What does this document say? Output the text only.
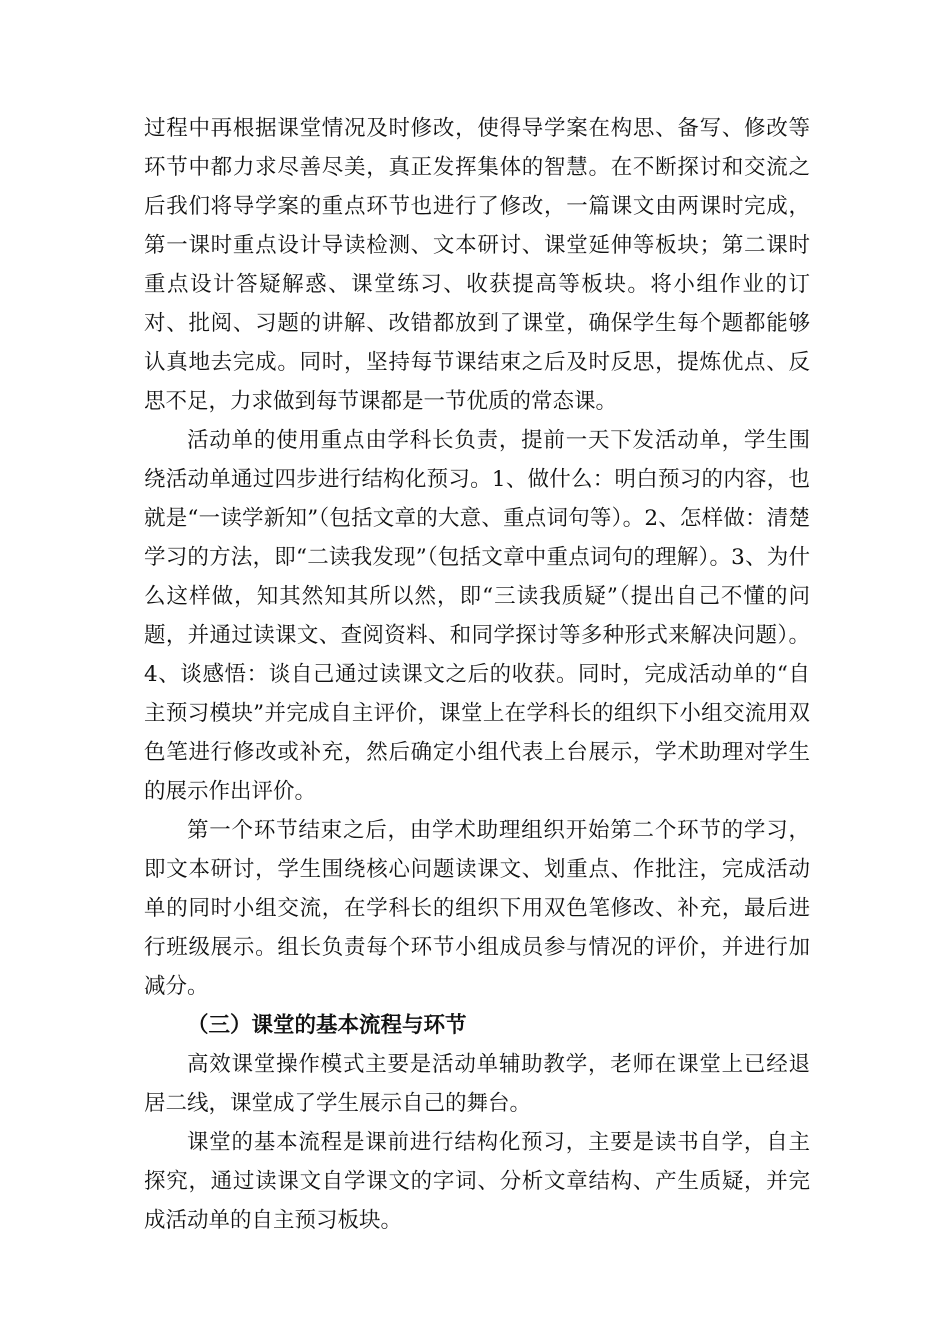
过程中再根据课堂情况及时修改，使得导学案在构思、备写、修改等环节中都力求尽善尽美，真正发挥集体的智慧。在不断探讨和交流之后我们将导学案的重点环节也进行了修改，一篇课文由两课时完成，第一课时重点设计导读检测、文本研讨、课堂延伸等板块；第二课时重点设计答疑解惑、课堂练习、收获提高等板块。将小组作业的订对、批阅、习题的讲解、改错都放到了课堂，确保学生每个题都能够认真地去完成。同时，坚持每节课结束之后及时反思，提炼优点、反思不足，力求做到每节课都是一节优质的常态课。

活动单的使用重点由学科长负责，提前一天下发活动单，学生围绕活动单通过四步进行结构化预习。1、做什么：明白预习的内容，也就是“一读学新知”（包括文章的大意、重点词句等）。2、怎样做：清楚学习的方法，即“二读我发现”（包括文章中重点词句的理解）。3、为什么这样做，知其然知其所以然，即“三读我质疑”（提出自己不懂的问题，并通过读课文、查阅资料、和同学探讨等多种形式来解决问题）。4、谈感悟：谈自己通过读课文之后的收获。同时，完成活动单的“自主预习模块”并完成自主评价，课堂上在学科长的组织下小组交流用双色笔进行修改或补充，然后确定小组代表上台展示，学术助理对学生的展示作出评价。

第一个环节结束之后，由学术助理组织开始第二个环节的学习，即文本研讨，学生围绕核心问题读课文、划重点、作批注，完成活动单的同时小组交流，在学科长的组织下用双色笔修改、补充，最后进行班级展示。组长负责每个环节小组成员参与情况的评价，并进行加减分。

（三）课堂的基本流程与环节

高效课堂操作模式主要是活动单辅助教学，老师在课堂上已经退居二线，课堂成了学生展示自己的舞台。

课堂的基本流程是课前进行结构化预习，主要是读书自学，自主探究，通过读课文自学课文的字词、分析文章结构、产生质疑，并完成活动单的自主预习板块。
